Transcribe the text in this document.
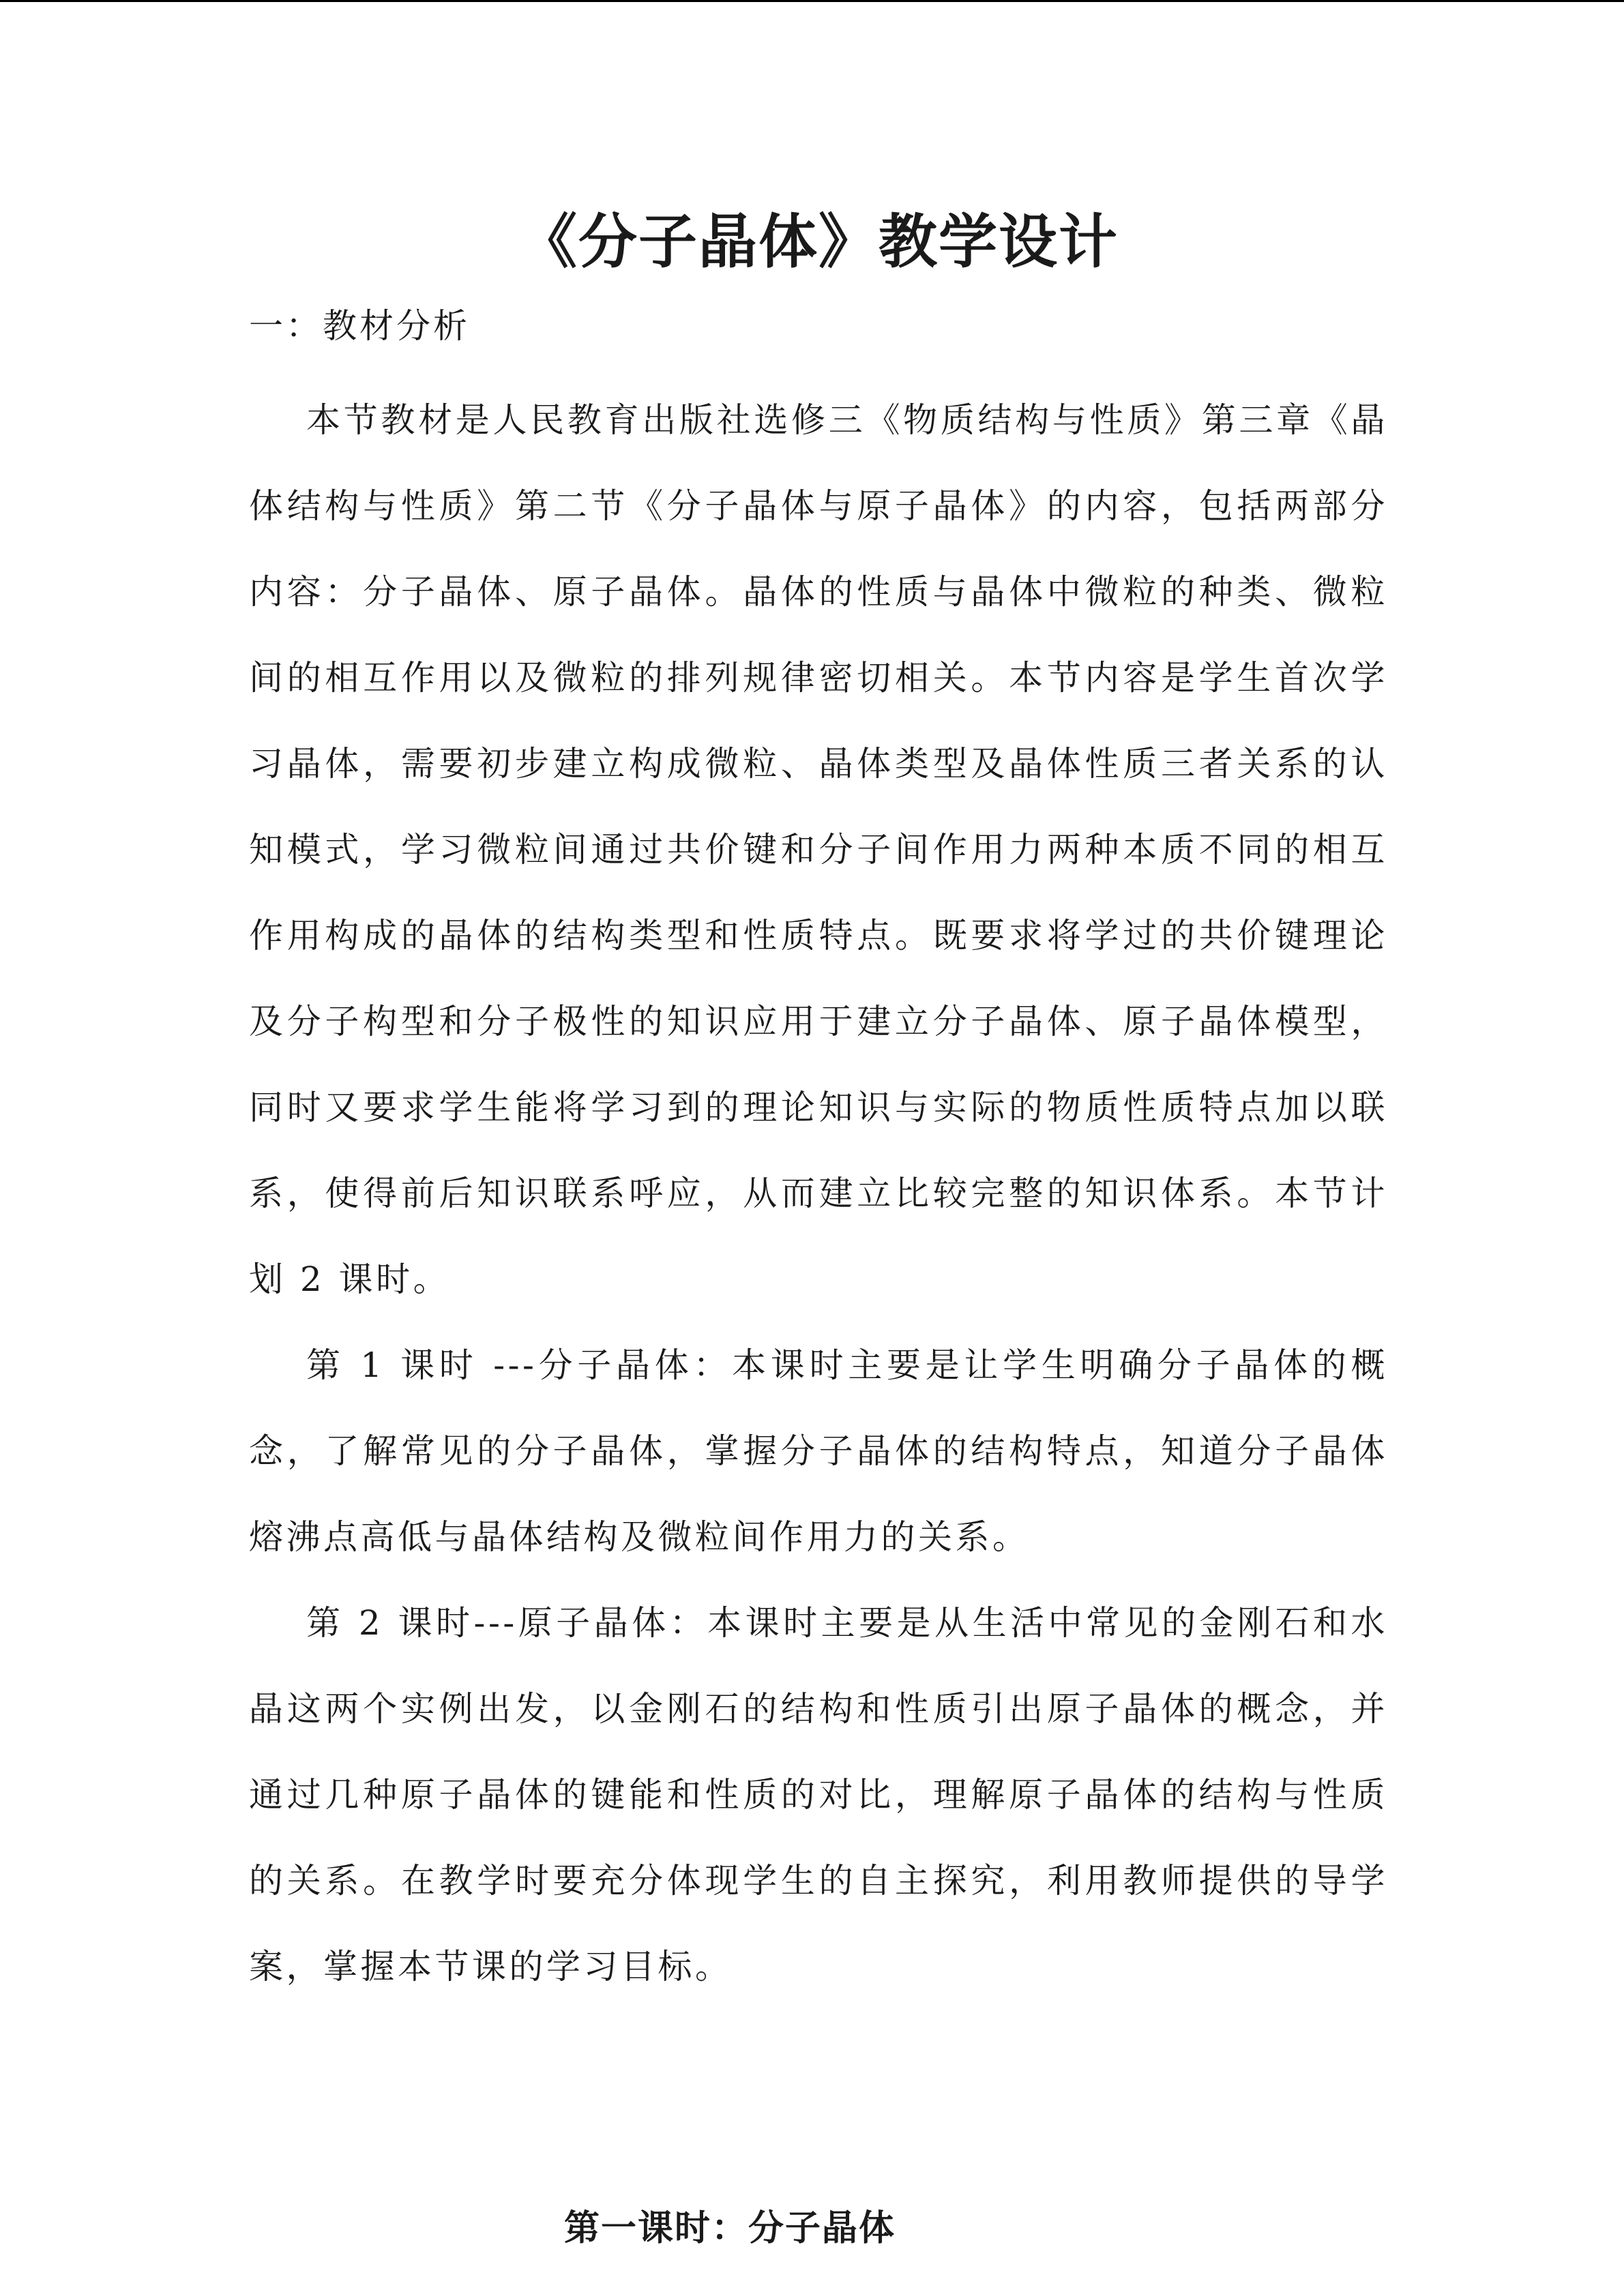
《分子晶体》教学设计
一：教材分析

本节教材是人民教育出版社选修三《物质结构与性质》第三章《晶体结构与性质》第二节《分子晶体与原子晶体》的内容，包括两部分内容：分子晶体、原子晶体。晶体的性质与晶体中微粒的种类、微粒间的相互作用以及微粒的排列规律密切相关。本节内容是学生首次学习晶体，需要初步建立构成微粒、晶体类型及晶体性质三者关系的认知模式，学习微粒间通过共价键和分子间作用力两种本质不同的相互作用构成的晶体的结构类型和性质特点。既要求将学过的共价键理论及分子构型和分子极性的知识应用于建立分子晶体、原子晶体模型，同时又要求学生能将学习到的理论知识与实际的物质性质特点加以联系，使得前后知识联系呼应，从而建立比较完整的知识体系。本节计划 2 课时。

第 1 课时 ---分子晶体：本课时主要是让学生明确分子晶体的概念，了解常见的分子晶体，掌握分子晶体的结构特点，知道分子晶体熔沸点高低与晶体结构及微粒间作用力的关系。

第 2 课时---原子晶体：本课时主要是从生活中常见的金刚石和水晶这两个实例出发，以金刚石的结构和性质引出原子晶体的概念，并通过几种原子晶体的键能和性质的对比，理解原子晶体的结构与性质的关系。在教学时要充分体现学生的自主探究，利用教师提供的导学案，掌握本节课的学习目标。

第一课时：分子晶体
